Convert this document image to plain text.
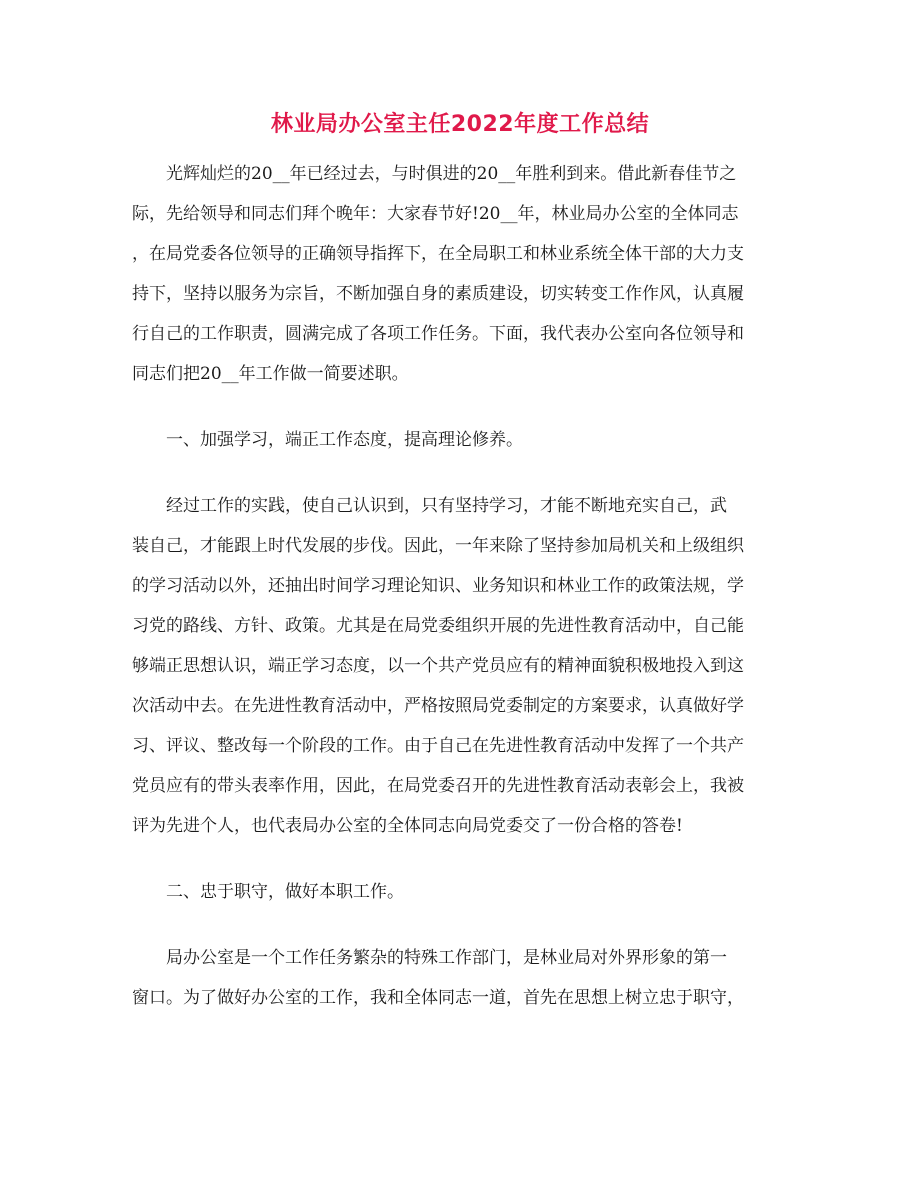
林业局办公室主任2022年度工作总结
光辉灿烂的20__年已经过去，与时俱进的20__年胜利到来。借此新春佳节之
际，先给领导和同志们拜个晚年：大家春节好!20__年，林业局办公室的全体同志
，在局党委各位领导的正确领导指挥下，在全局职工和林业系统全体干部的大力支
持下，坚持以服务为宗旨，不断加强自身的素质建设，切实转变工作作风，认真履
行自己的工作职责，圆满完成了各项工作任务。下面，我代表办公室向各位领导和
同志们把20__年工作做一简要述职。
一、加强学习，端正工作态度，提高理论修养。
经过工作的实践，使自己认识到，只有坚持学习，才能不断地充实自己，武
装自己，才能跟上时代发展的步伐。因此，一年来除了坚持参加局机关和上级组织
的学习活动以外，还抽出时间学习理论知识、业务知识和林业工作的政策法规，学
习党的路线、方针、政策。尤其是在局党委组织开展的先进性教育活动中，自己能
够端正思想认识，端正学习态度，以一个共产党员应有的精神面貌积极地投入到这
次活动中去。在先进性教育活动中，严格按照局党委制定的方案要求，认真做好学
习、评议、整改每一个阶段的工作。由于自己在先进性教育活动中发挥了一个共产
党员应有的带头表率作用，因此，在局党委召开的先进性教育活动表彰会上，我被
评为先进个人，也代表局办公室的全体同志向局党委交了一份合格的答卷!
二、忠于职守，做好本职工作。
局办公室是一个工作任务繁杂的特殊工作部门，是林业局对外界形象的第一
窗口。为了做好办公室的工作，我和全体同志一道，首先在思想上树立忠于职守，
